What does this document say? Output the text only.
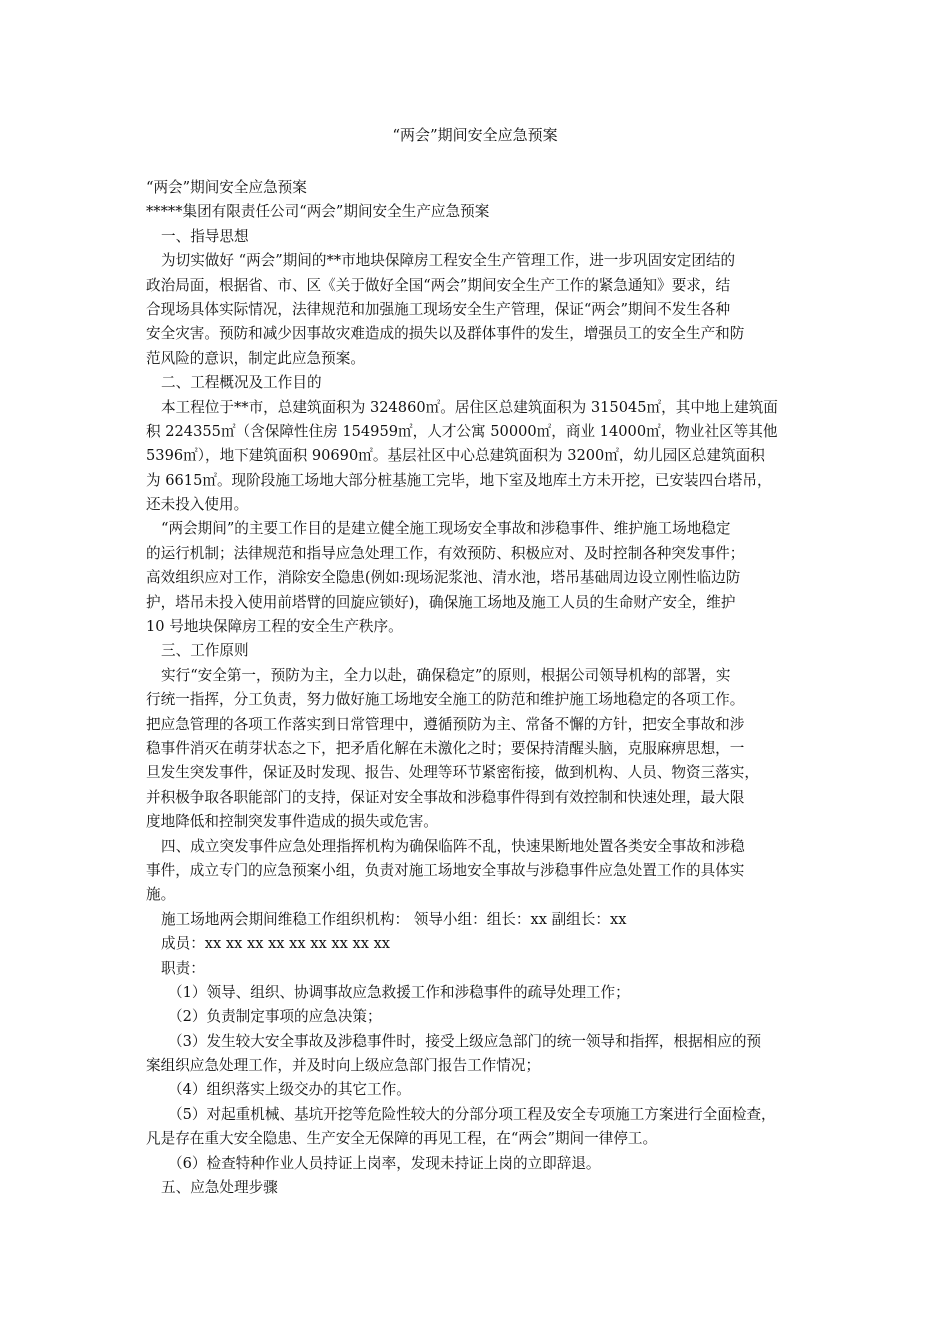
“两会”期间安全应急预案
“两会”期间安全应急预案
*****集团有限责任公司“两会”期间安全生产应急预案
一、指导思想
为切实做好 “两会”期间的**市地块保障房工程安全生产管理工作，进一步巩固安定团结的
政治局面，根据省、市、区《关于做好全国“两会”期间安全生产工作的紧急通知》要求，结
合现场具体实际情况，法律规范和加强施工现场安全生产管理，保证“两会”期间不发生各种
安全灾害。预防和减少因事故灾难造成的损失以及群体事件的发生，增强员工的安全生产和防
范风险的意识，制定此应急预案。
二、工程概况及工作目的
本工程位于**市，总建筑面积为 324860㎡。居住区总建筑面积为 315045㎡，其中地上建筑面
积 224355㎡（含保障性住房 154959㎡，人才公寓 50000㎡，商业 14000㎡，物业社区等其他
5396㎡），地下建筑面积 90690㎡。基层社区中心总建筑面积为 3200㎡，幼儿园区总建筑面积
为 6615㎡。现阶段施工场地大部分桩基施工完毕，地下室及地库土方未开挖，已安装四台塔吊，
还未投入使用。
“两会期间”的主要工作目的是建立健全施工现场安全事故和涉稳事件、维护施工场地稳定
的运行机制；法律规范和指导应急处理工作，有效预防、积极应对、及时控制各种突发事件；
高效组织应对工作，消除安全隐患(例如:现场泥浆池、清水池，塔吊基础周边设立刚性临边防
护，塔吊未投入使用前塔臂的回旋应锁好)，确保施工场地及施工人员的生命财产安全，维护
10 号地块保障房工程的安全生产秩序。
三、工作原则
实行“安全第一，预防为主，全力以赴，确保稳定”的原则，根据公司领导机构的部署，实
行统一指挥，分工负责，努力做好施工场地安全施工的防范和维护施工场地稳定的各项工作。
把应急管理的各项工作落实到日常管理中，遵循预防为主、常备不懈的方针，把安全事故和涉
稳事件消灭在萌芽状态之下，把矛盾化解在未激化之时；要保持清醒头脑，克服麻痹思想，一
旦发生突发事件，保证及时发现、报告、处理等环节紧密衔接，做到机构、人员、物资三落实，
并积极争取各职能部门的支持，保证对安全事故和涉稳事件得到有效控制和快速处理，最大限
度地降低和控制突发事件造成的损失或危害。
四、成立突发事件应急处理指挥机构为确保临阵不乱，快速果断地处置各类安全事故和涉稳
事件，成立专门的应急预案小组，负责对施工场地安全事故与涉稳事件应急处置工作的具体实
施。
施工场地两会期间维稳工作组织机构： 领导小组：组长：xx 副组长：xx
成员：xx xx xx xx xx xx xx xx xx
职责：
（1）领导、组织、协调事故应急救援工作和涉稳事件的疏导处理工作；
（2）负责制定事项的应急决策；
（3）发生较大安全事故及涉稳事件时，接受上级应急部门的统一领导和指挥，根据相应的预
案组织应急处理工作，并及时向上级应急部门报告工作情况；
（4）组织落实上级交办的其它工作。
（5）对起重机械、基坑开挖等危险性较大的分部分项工程及安全专项施工方案进行全面检查，
凡是存在重大安全隐患、生产安全无保障的再见工程，在“两会”期间一律停工。
（6）检查特种作业人员持证上岗率，发现未持证上岗的立即辞退。
五、应急处理步骤
